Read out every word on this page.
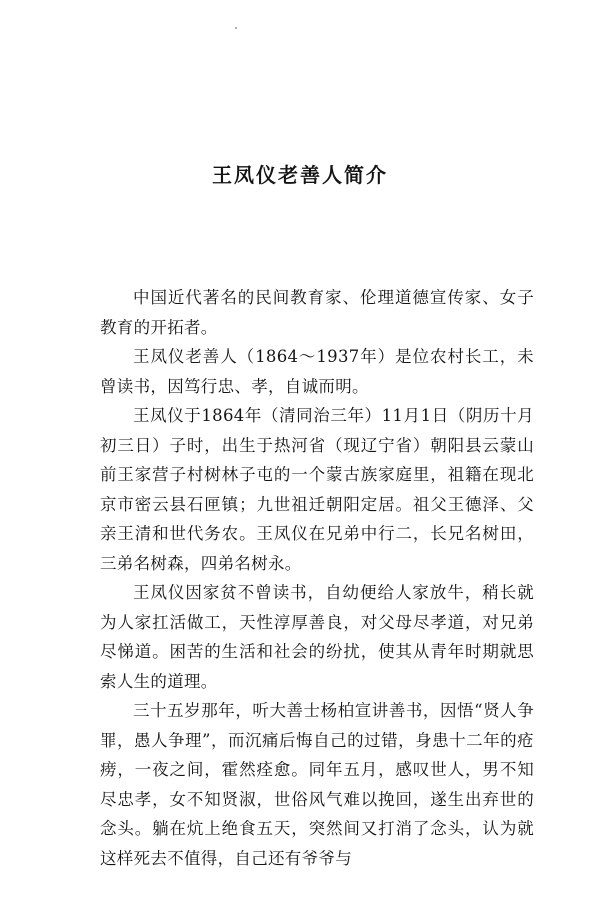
王凤仪老善人简介

中国近代著名的民间教育家、伦理道德宣传家、女子教育的开拓者。

王凤仪老善人（1864～1937年）是位农村长工，未曾读书，因笃行忠、孝，自诚而明。

王凤仪于1864年（清同治三年）11月1日（阴历十月初三日）子时，出生于热河省（现辽宁省）朝阳县云蒙山前王家营子村树林子屯的一个蒙古族家庭里，祖籍在现北京市密云县石匣镇；九世祖迁朝阳定居。祖父王德泽、父亲王清和世代务农。王凤仪在兄弟中行二，长兄名树田，三弟名树森，四弟名树永。

王凤仪因家贫不曾读书，自幼便给人家放牛，稍长就为人家扛活做工，天性淳厚善良，对父母尽孝道，对兄弟尽悌道。困苦的生活和社会的纷扰，使其从青年时期就思索人生的道理。

三十五岁那年，听大善士杨柏宣讲善书，因悟“贤人争罪，愚人争理”，而沉痛后悔自己的过错，身患十二年的疮痨，一夜之间，霍然痊愈。同年五月，感叹世人，男不知尽忠孝，女不知贤淑，世俗风气难以挽回，遂生出弃世的念头。躺在炕上绝食五天，突然间又打消了念头，认为就这样死去不值得，自己还有爷爷与
